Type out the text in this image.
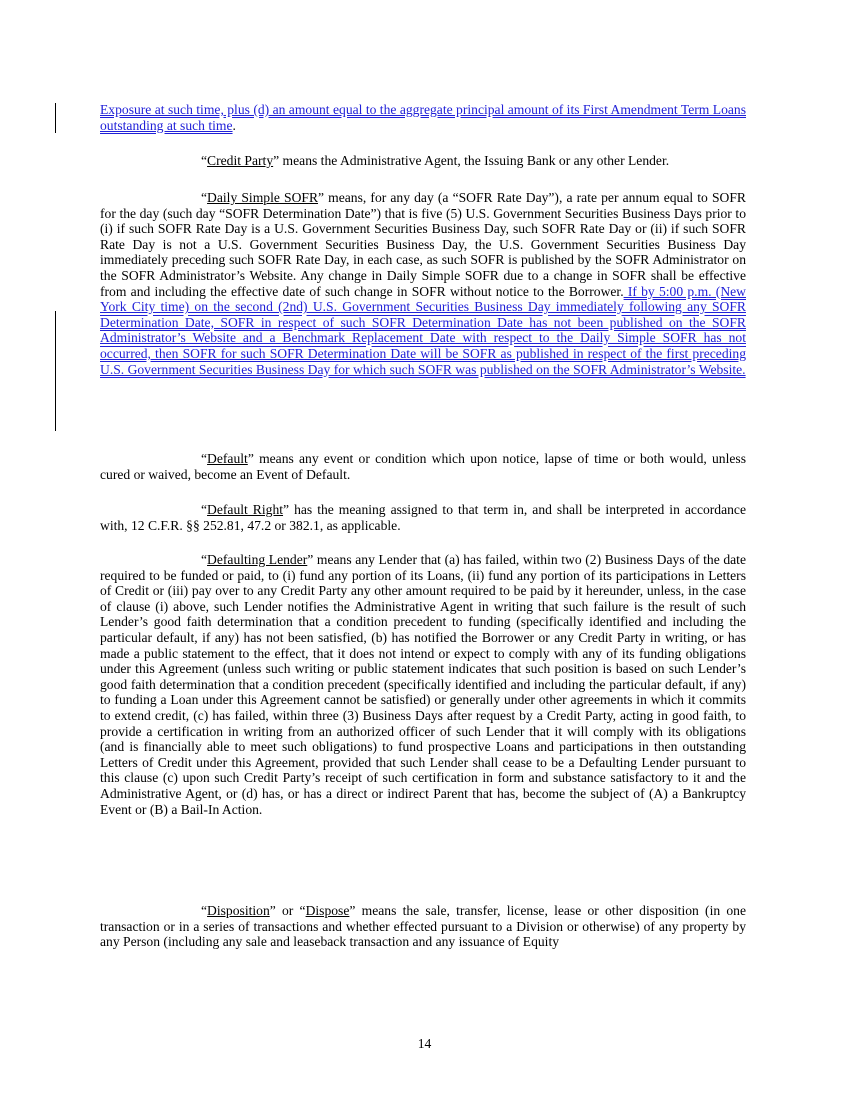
Exposure at such time, plus (d) an amount equal to the aggregate principal amount of its First Amendment Term Loans outstanding at such time.

“Credit Party” means the Administrative Agent, the Issuing Bank or any other Lender.

“Daily Simple SOFR” means, for any day (a “SOFR Rate Day”), a rate per annum equal to SOFR for the day (such day “SOFR Determination Date”) that is five (5) U.S. Government Securities Business Days prior to (i) if such SOFR Rate Day is a U.S. Government Securities Business Day, such SOFR Rate Day or (ii) if such SOFR Rate Day is not a U.S. Government Securities Business Day, the U.S. Government Securities Business Day immediately preceding such SOFR Rate Day, in each case, as such SOFR is published by the SOFR Administrator on the SOFR Administrator’s Website. Any change in Daily Simple SOFR due to a change in SOFR shall be effective from and including the effective date of such change in SOFR without notice to the Borrower. If by 5:00 p.m. (New York City time) on the second (2nd) U.S. Government Securities Business Day immediately following any SOFR Determination Date, SOFR in respect of such SOFR Determination Date has not been published on the SOFR Administrator’s Website and a Benchmark Replacement Date with respect to the Daily Simple SOFR has not occurred, then SOFR for such SOFR Determination Date will be SOFR as published in respect of the first preceding U.S. Government Securities Business Day for which such SOFR was published on the SOFR Administrator’s Website.

“Default” means any event or condition which upon notice, lapse of time or both would, unless cured or waived, become an Event of Default.

“Default Right” has the meaning assigned to that term in, and shall be interpreted in accordance with, 12 C.F.R. §§ 252.81, 47.2 or 382.1, as applicable.

“Defaulting Lender” means any Lender that (a) has failed, within two (2) Business Days of the date required to be funded or paid, to (i) fund any portion of its Loans, (ii) fund any portion of its participations in Letters of Credit or (iii) pay over to any Credit Party any other amount required to be paid by it hereunder, unless, in the case of clause (i) above, such Lender notifies the Administrative Agent in writing that such failure is the result of such Lender’s good faith determination that a condition precedent to funding (specifically identified and including the particular default, if any) has not been satisfied, (b) has notified the Borrower or any Credit Party in writing, or has made a public statement to the effect, that it does not intend or expect to comply with any of its funding obligations under this Agreement (unless such writing or public statement indicates that such position is based on such Lender’s good faith determination that a condition precedent (specifically identified and including the particular default, if any) to funding a Loan under this Agreement cannot be satisfied) or generally under other agreements in which it commits to extend credit, (c) has failed, within three (3) Business Days after request by a Credit Party, acting in good faith, to provide a certification in writing from an authorized officer of such Lender that it will comply with its obligations (and is financially able to meet such obligations) to fund prospective Loans and participations in then outstanding Letters of Credit under this Agreement, provided that such Lender shall cease to be a Defaulting Lender pursuant to this clause (c) upon such Credit Party’s receipt of such certification in form and substance satisfactory to it and the Administrative Agent, or (d) has, or has a direct or indirect Parent that has, become the subject of (A) a Bankruptcy Event or (B) a Bail-In Action.

“Disposition” or “Dispose” means the sale, transfer, license, lease or other disposition (in one transaction or in a series of transactions and whether effected pursuant to a Division or otherwise) of any property by any Person (including any sale and leaseback transaction and any issuance of Equity

14
